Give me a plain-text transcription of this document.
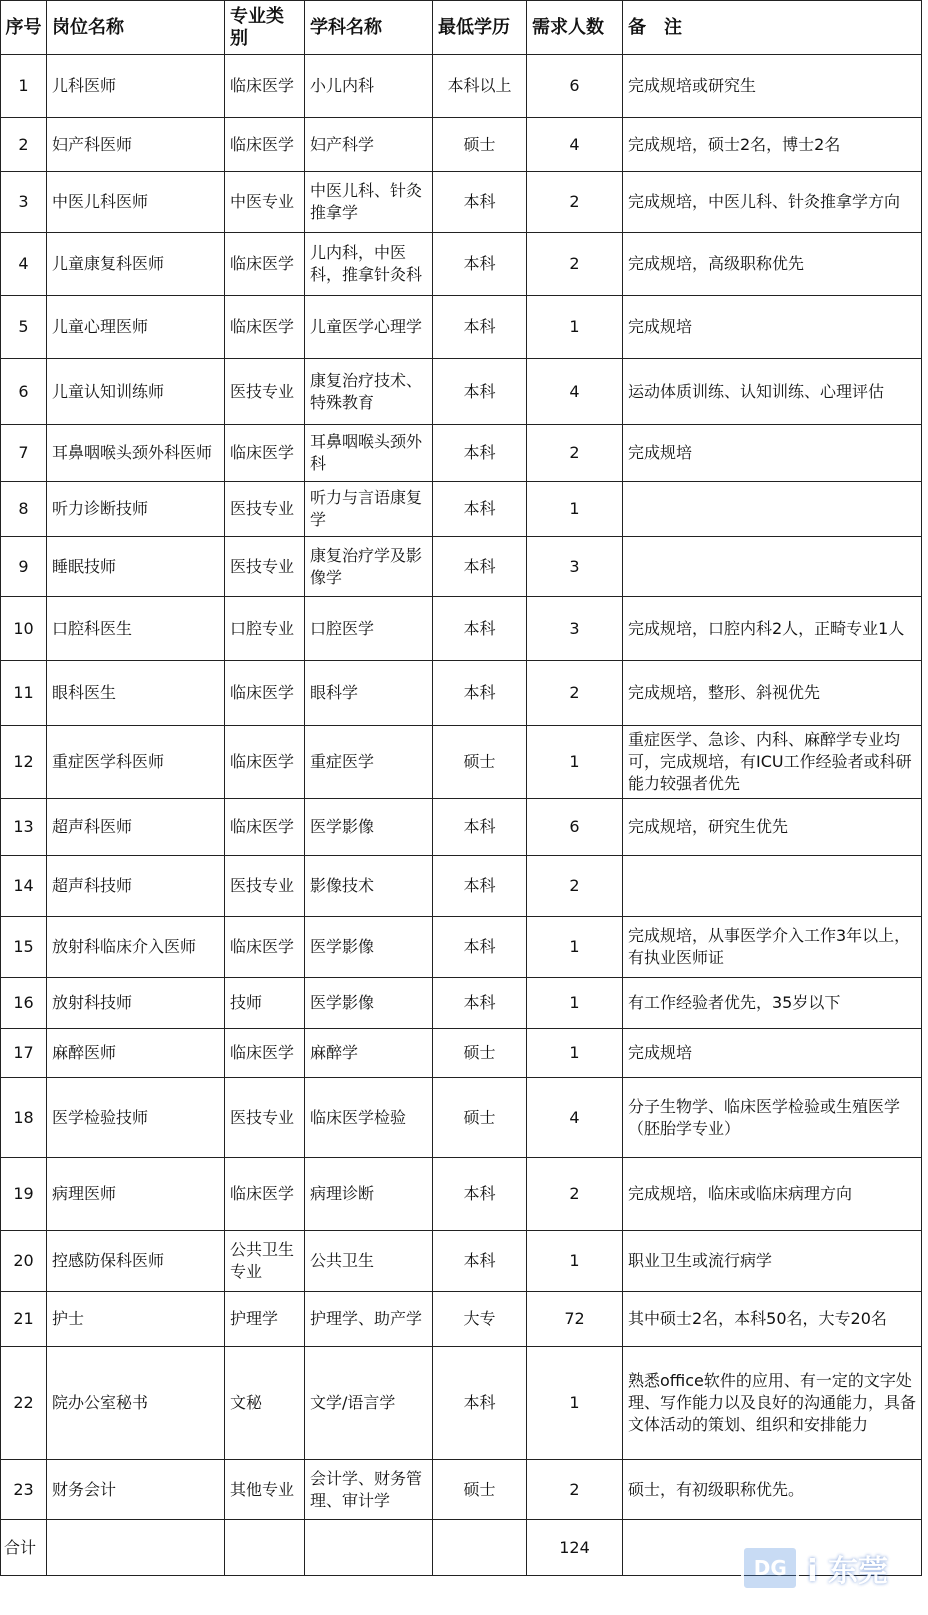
序号	岗位名称	专业类别	学科名称	最低学历	需求人数	备　注
1	儿科医师	临床医学	小儿内科	本科以上	6	完成规培或研究生
2	妇产科医师	临床医学	妇产科学	硕士	4	完成规培，硕士2名，博士2名
3	中医儿科医师	中医专业	中医儿科、针灸推拿学	本科	2	完成规培，中医儿科、针灸推拿学方向
4	儿童康复科医师	临床医学	儿内科，中医科，推拿针灸科	本科	2	完成规培，高级职称优先
5	儿童心理医师	临床医学	儿童医学心理学	本科	1	完成规培
6	儿童认知训练师	医技专业	康复治疗技术、特殊教育	本科	4	运动体质训练、认知训练、心理评估
7	耳鼻咽喉头颈外科医师	临床医学	耳鼻咽喉头颈外科	本科	2	完成规培
8	听力诊断技师	医技专业	听力与言语康复学	本科	1	
9	睡眠技师	医技专业	康复治疗学及影像学	本科	3	
10	口腔科医生	口腔专业	口腔医学	本科	3	完成规培，口腔内科2人，正畸专业1人
11	眼科医生	临床医学	眼科学	本科	2	完成规培，整形、斜视优先
12	重症医学科医师	临床医学	重症医学	硕士	1	重症医学、急诊、内科、麻醉学专业均可，完成规培，有ICU工作经验者或科研能力较强者优先
13	超声科医师	临床医学	医学影像	本科	6	完成规培，研究生优先
14	超声科技师	医技专业	影像技术	本科	2	
15	放射科临床介入医师	临床医学	医学影像	本科	1	完成规培，从事医学介入工作3年以上，有执业医师证
16	放射科技师	技师	医学影像	本科	1	有工作经验者优先，35岁以下
17	麻醉医师	临床医学	麻醉学	硕士	1	完成规培
18	医学检验技师	医技专业	临床医学检验	硕士	4	分子生物学、临床医学检验或生殖医学（胚胎学专业）
19	病理医师	临床医学	病理诊断	本科	2	完成规培，临床或临床病理方向
20	控感防保科医师	公共卫生专业	公共卫生	本科	1	职业卫生或流行病学
21	护士	护理学	护理学、助产学	大专	72	其中硕士2名，本科50名，大专20名
22	院办公室秘书	文秘	文学/语言学	本科	1	熟悉office软件的应用、有一定的文字处理、写作能力以及良好的沟通能力，具备文体活动的策划、组织和安排能力
23	财务会计	其他专业	会计学、财务管理、审计学	硕士	2	硕士，有初级职称优先。
合计					124	
DG i 东莞
